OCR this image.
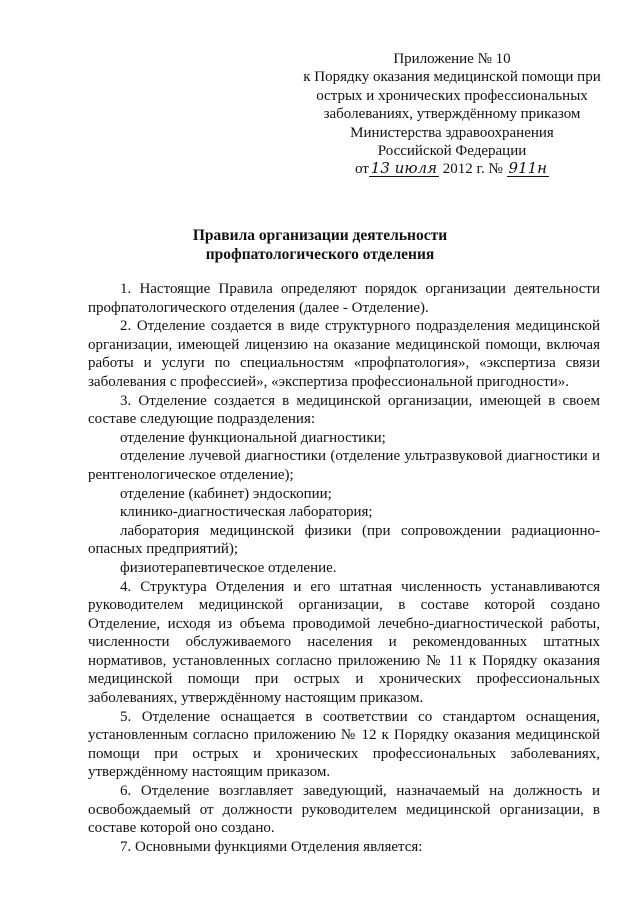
Приложение № 10
к Порядку оказания медицинской помощи при
острых и хронических профессиональных
заболеваниях, утверждённому приказом
Министерства здравоохранения
Российской Федерации
от 13 июля 2012 г. № 911н
Правила организации деятельности
профпатологического отделения

1. Настоящие Правила определяют порядок организации деятельности профпатологического отделения (далее - Отделение).

2. Отделение создается в виде структурного подразделения медицинской организации, имеющей лицензию на оказание медицинской помощи, включая работы и услуги по специальностям «профпатология», «экспертиза связи заболевания с профессией», «экспертиза профессиональной пригодности».

3. Отделение создается в медицинской организации, имеющей в своем составе следующие подразделения:

отделение функциональной диагностики;

отделение лучевой диагностики (отделение ультразвуковой диагностики и рентгенологическое отделение);

отделение (кабинет) эндоскопии;

клинико-диагностическая лаборатория;

лаборатория медицинской физики (при сопровождении радиационно-опасных предприятий);

физиотерапевтическое отделение.

4. Структура Отделения и его штатная численность устанавливаются руководителем медицинской организации, в составе которой создано Отделение, исходя из объема проводимой лечебно-диагностической работы, численности обслуживаемого населения и рекомендованных штатных нормативов, установленных согласно приложению № 11 к Порядку оказания медицинской помощи при острых и хронических профессиональных заболеваниях, утверждённому настоящим приказом.

5. Отделение оснащается в соответствии со стандартом оснащения, установленным согласно приложению № 12 к Порядку оказания медицинской помощи при острых и хронических профессиональных заболеваниях, утверждённому настоящим приказом.

6. Отделение возглавляет заведующий, назначаемый на должность и освобождаемый от должности руководителем медицинской организации, в составе которой оно создано.

7. Основными функциями Отделения является:
